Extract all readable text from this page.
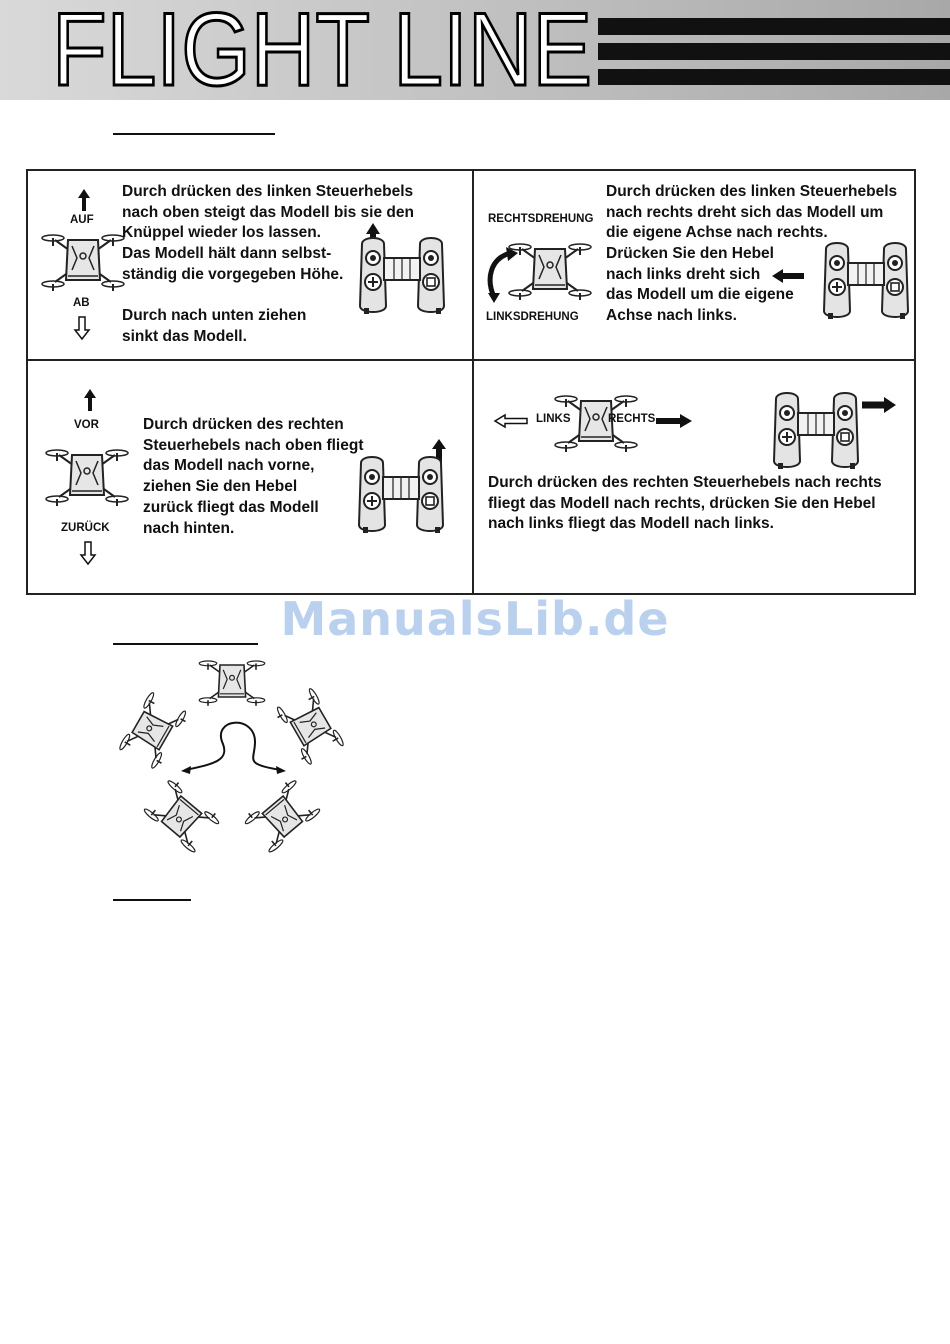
FLIGHT LINE
AUF
AB
Durch drücken des linken Steuerhebels
nach oben steigt das Modell bis sie den
Knüppel wieder los lassen.
Das Modell hält dann selbst-
ständig die vorgegeben Höhe.
Durch nach unten ziehen
sinkt das Modell.
RECHTSDREHUNG
LINKSDREHUNG
Durch drücken des linken Steuerhebels
nach rechts dreht sich das Modell um
die eigene Achse nach rechts.
Drücken Sie den Hebel
nach links dreht sich
das Modell um die eigene
Achse nach links.
VOR
ZURÜCK
Durch drücken des rechten
Steuerhebels nach oben fliegt
das Modell nach vorne,
ziehen Sie den Hebel
zurück fliegt das Modell
nach hinten.
LINKS	RECHTS
Durch drücken des rechten Steuerhebels nach rechts
fliegt das Modell nach rechts, drücken Sie den Hebel
nach links fliegt das Modell nach links.
ManualsLib.de
